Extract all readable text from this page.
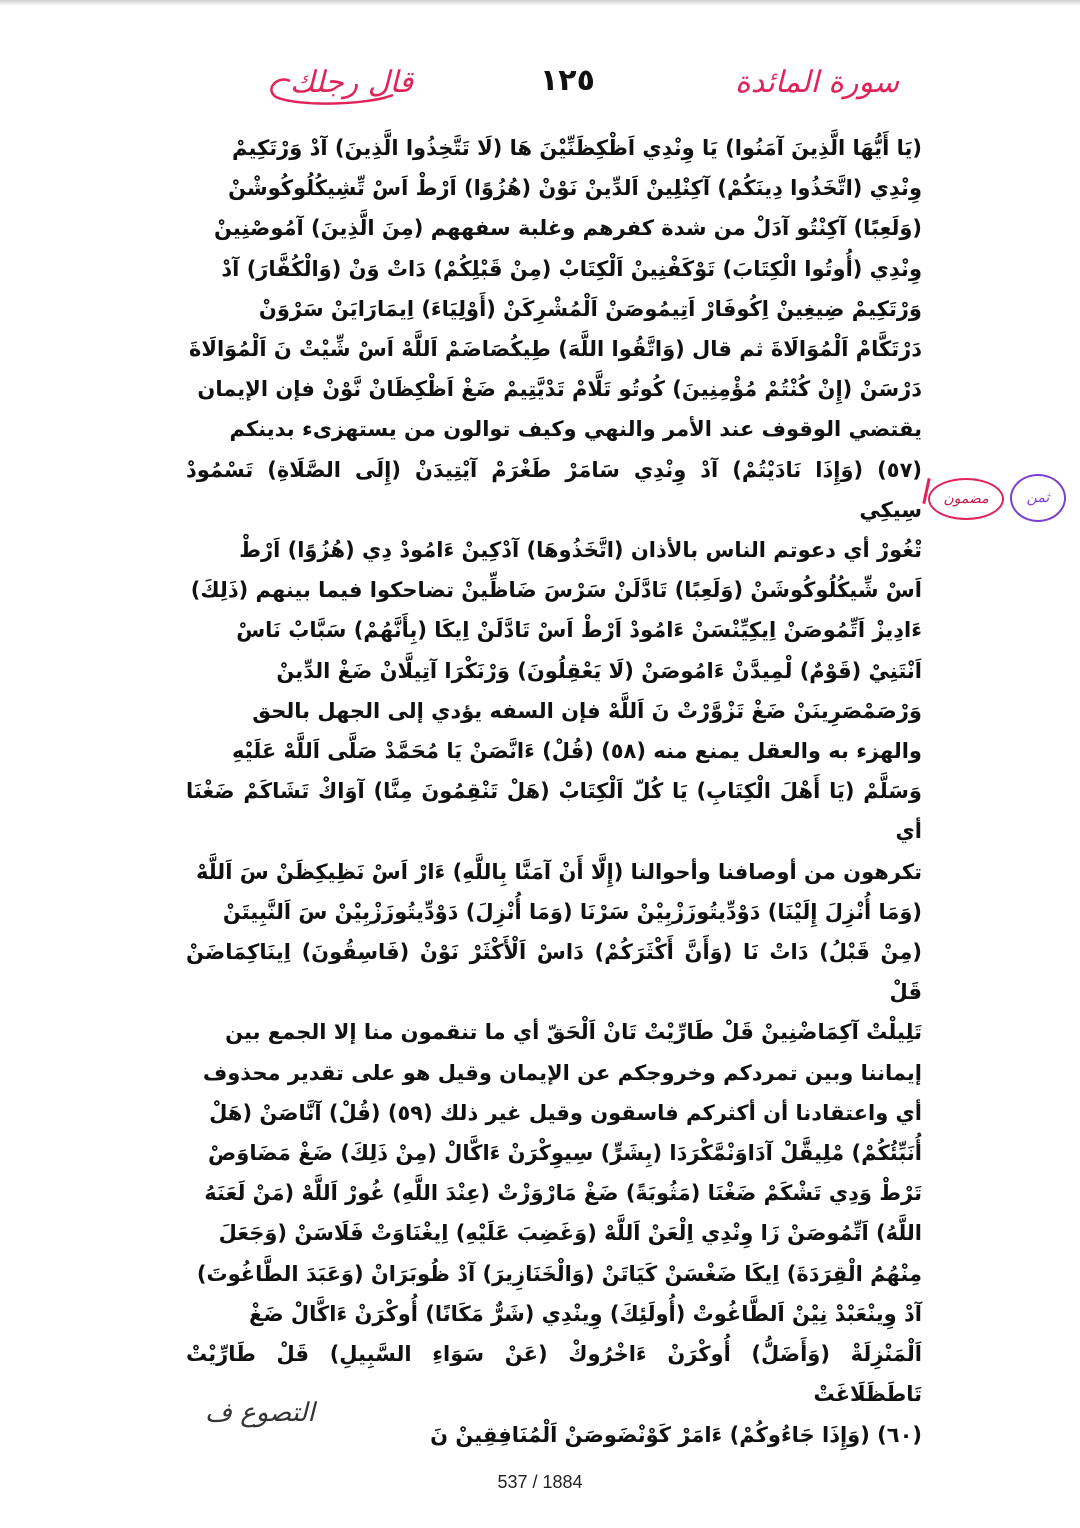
قال رجلك	١٢٥	سورة المائدة
مضمون	ثمن
(يَا أَيُّهَا الَّذِينَ آمَنُوا) يَا وِنْدِي اَظْكِظَنِّيْنَ هَا (لَا تَتَّخِذُوا الَّذِينَ) آدْ وَرْتَكِيمْ
وِنْدِي (اتَّخَذُوا دِينَكُمْ) آكِنْلِينْ اَلدِّينْ نَوْنْ (هُزُوًا) اَرْطْ اَسْ تِّشِيكُلُوكُوشْنْ
(وَلَعِبًا) آكِنْتُو آدَلْ من شدة كفرهم وغلبة سفههم (مِنَ الَّذِينَ) آمُوصْنِينْ
وِنْدِي (أُوتُوا الْكِتَابَ) تَوْكَفْنِينْ اَلْكِتَابْ (مِنْ قَبْلِكُمْ) دَاتْ وَنْ (وَالْكُفَّارَ) آدْ
وَرْتَكِيمْ ضِيغِينْ اِكُوفَارْ اَتِيمُوصَنْ اَلْمُشْرِكَنْ (أَوْلِيَاءَ) اِيمَارَايَنْ سَرْوَنْ
دَرْتَكَّامْ اَلْمُوَالَاةَ ثم قال (وَاتَّقُوا اللَّهَ) طِيكُصَاضَمْ اَللَّهْ اَسْ شِّيْتْ نَ اَلْمُوَالَاةَ
دَرْسَنْ (إِنْ كُنْتُمْ مُؤْمِنِينَ) كُوتُو تَلَّامْ تَدْيَّتِيمْ ضَغْ اَظْكِظَانْ نَّوْنْ فإن الإيمان
يقتضي الوقوف عند الأمر والنهي وكيف توالون من يستهزىء بدينكم
(٥٧) (وَإِذَا نَادَيْتُمْ) آدْ وِنْدِي سَامَرْ طَغْرَمْ آيْتِيدَنْ (إِلَى الصَّلَاةِ) تَسْمُودْ سِيكِي
تْغُورْ أي دعوتم الناس بالأذان (اتَّخَذُوهَا) آدْكِينْ ءَامُودْ دِي (هُزُوًا) اَرْطْ
اَسْ شِّيكُلُوكُوشَنْ (وَلَعِبًا) تَادَّلَنْ سَرْسَ ضَاظِّينْ تضاحكوا فيما بينهم (ذَلِكَ)
ءَادِيزْ اَتِّمُوصَنْ اِيكِيِّنْسَنْ ءَامُودْ اَرْطْ اَسْ تَادَّلَنْ اِيكَا (بِأَنَّهُمْ) سَبَّابْ نَاسْ
اَنْتَنِيْ (قَوْمٌ) لْمِيدَّنْ ءَامُوصَنْ (لَا يَعْقِلُونَ) وَرْنَكْرَا آتِيلَّانْ ضَغْ الدِّينْ
وَرْصَمْصَرِينَنْ ضَغْ تَزْوَّرْتْ نَ اَللَّهْ فإن السفه يؤدي إلى الجهل بالحق
والهزء به والعقل يمنع منه (٥٨) (قُلْ) ءَانَّصَنْ يَا مُحَمَّدْ صَلَّى اَللَّهْ عَلَيْهِ
وَسَلَّمْ (يَا أَهْلَ الْكِتَابِ) يَا كُلّ اَلْكِتَابْ (هَلْ تَنْقِمُونَ مِنَّا) آوَاكْ تَشَاكَمْ ضَغْنَا أي
تكرهون من أوصافنا وأحوالنا (إِلَّا أَنْ آمَنَّا بِاللَّهِ) ءَارْ اَسْ نَظِيكِظَنْ سَ اَللَّهْ
(وَمَا أُنْزِلَ إِلَيْنَا) دَوْدِّيتُوزَزْبِيْنْ سَرْنَا (وَمَا أُنْزِلَ) دَوْدِّيتُوزَزْبِيْنْ سَ اَلنَّبِيتَنْ
(مِنْ قَبْلُ) دَاتْ نَا (وَأَنَّ أَكْثَرَكُمْ) دَاسْ اَلْأَكْثَرْ نَوْنْ (فَاسِقُونَ) اِينَاكِمَاضَنْ قَلْ
تَلِيلْتْ آكِمَاضْنِينْ قَلْ طَارِّيْتْ تَانْ اَلْحَقّ أي ما تنقمون منا إلا الجمع بين
إيماننا وبين تمردكم وخروجكم عن الإيمان وقيل هو على تقدير محذوف
أي واعتقادنا أن أكثركم فاسقون وقيل غير ذلك (٥٩) (قُلْ) آنَّاصَنْ (هَلْ
أُنَبِّئُكُمْ) مْلِيقَّلْ آدَاوَنْمَّكْرَدَا (بِشَرٍّ) سِيوِكْرَنْ ءَاكَّالْ (مِنْ ذَلِكَ) ضَغْ مَضَاوَصْ
تَرْطْ وَدِي تَشْكَمْ ضَغْنَا (مَثُوبَةً) ضَغْ مَارْوَزْتْ (عِنْدَ اللَّهِ) غُورْ اَللَّهْ (مَنْ لَعَنَهُ
اللَّهُ) اَتِّمُوصَنْ زَا وِنْدِي اِلْعَنْ اَللَّهْ (وَغَضِبَ عَلَيْهِ) اِيغْنَاوَتْ فَلَاسَنْ (وَجَعَلَ
مِنْهُمُ الْقِرَدَةَ) اِيكَا ضَغْسَنْ كَيَاتَنْ (وَالْخَنَازِيرَ) آدْ ظُوبَرَانْ (وَعَبَدَ الطَّاغُوتَ)
آدْ وِينْعَبْدْ نِيْنْ اَلطَّاغُوتْ (أُولَئِكَ) وِينْدِي (شَرٌّ مَكَانًا) أُوكْرَنْ ءَاكَّالْ ضَغْ
اَلْمَنْزِلَةْ (وَأَضَلُّ) أُوكْرَنْ ءَاخْرُوكْ (عَنْ سَوَاءِ السَّبِيلِ) قَلْ طَارِّيْتْ تَاطَظَلَاغَتْ
(٦٠) (وَإِذَا جَاءُوكُمْ) ءَامَرْ كَوْنْضَوصَنْ اَلْمُنَافِقِينْ نَ
التصوع ف
537 / 1884
